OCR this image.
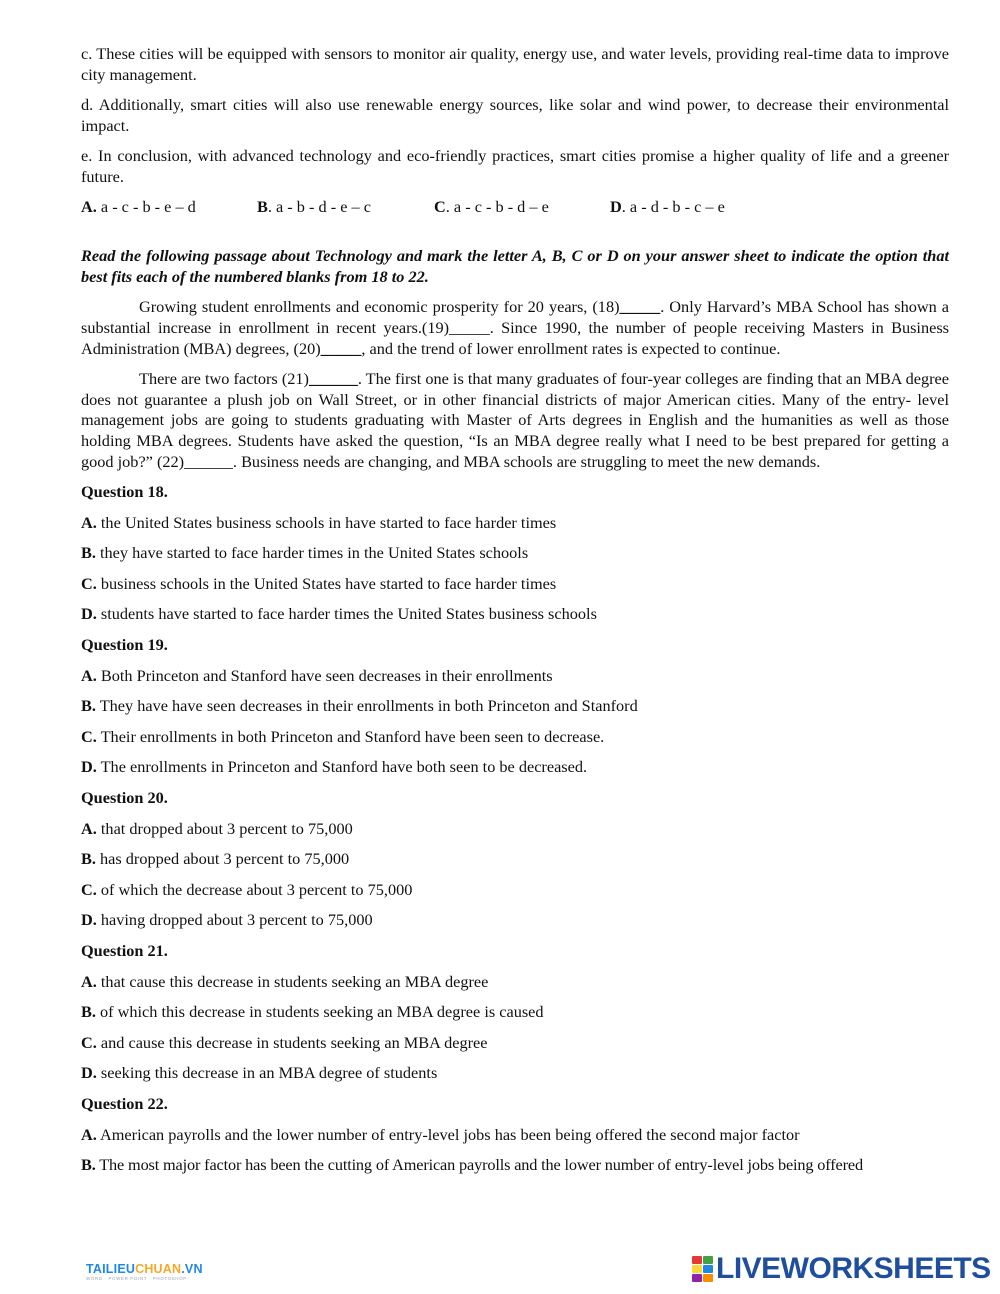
c. These cities will be equipped with sensors to monitor air quality, energy use, and water levels, providing real-time data to improve city management.

d. Additionally, smart cities will also use renewable energy sources, like solar and wind power, to decrease their environmental impact.

e. In conclusion, with advanced technology and eco-friendly practices, smart cities promise a higher quality of life and a greener future.

A. a - c - b - e – d	B. a - b - d - e – c	C. a - c - b - d – e	D. a - d - b - c – e

Read the following passage about Technology and mark the letter A, B, C or D on your answer sheet to indicate the option that best fits each of the numbered blanks from 18 to 22.

Growing student enrollments and economic prosperity for 20 years, (18)_____. Only Harvard’s MBA School has shown a substantial increase in enrollment in recent years.(19)_____. Since 1990, the number of people receiving Masters in Business Administration (MBA) degrees, (20)_____, and the trend of lower enrollment rates is expected to continue.

There are two factors (21)______. The first one is that many graduates of four-year colleges are finding that an MBA degree does not guarantee a plush job on Wall Street, or in other financial districts of major American cities. Many of the entry- level management jobs are going to students graduating with Master of Arts degrees in English and the humanities as well as those holding MBA degrees. Students have asked the question, “Is an MBA degree really what I need to be best prepared for getting a good job?” (22)______. Business needs are changing, and MBA schools are struggling to meet the new demands.

Question 18.

A. the United States business schools in have started to face harder times

B. they have started to face harder times in the United States schools

C. business schools in the United States have started to face harder times

D. students have started to face harder times the United States business schools

Question 19.

A. Both Princeton and Stanford have seen decreases in their enrollments

B. They have have seen decreases in their enrollments in both Princeton and Stanford

C. Their enrollments in both Princeton and Stanford have been seen to decrease.

D. The enrollments in Princeton and Stanford have both seen to be decreased.

Question 20.

A. that dropped about 3 percent to 75,000

B. has dropped about 3 percent to 75,000

C. of which the decrease about 3 percent to 75,000

D. having dropped about 3 percent to 75,000

Question 21.

A. that cause this decrease in students seeking an MBA degree

B. of which this decrease in students seeking an MBA degree is caused

C. and cause this decrease in students seeking an MBA degree

D. seeking this decrease in an MBA degree of students

Question 22.

A. American payrolls and the lower number of entry-level jobs has been being offered the second major factor

B. The most major factor has been the cutting of American payrolls and the lower number of entry-level jobs being offered

TAILIEUCHUAN.VN
WORD · POWER POINT · PHOTOSHOP	LIVEWORKSHEETS
